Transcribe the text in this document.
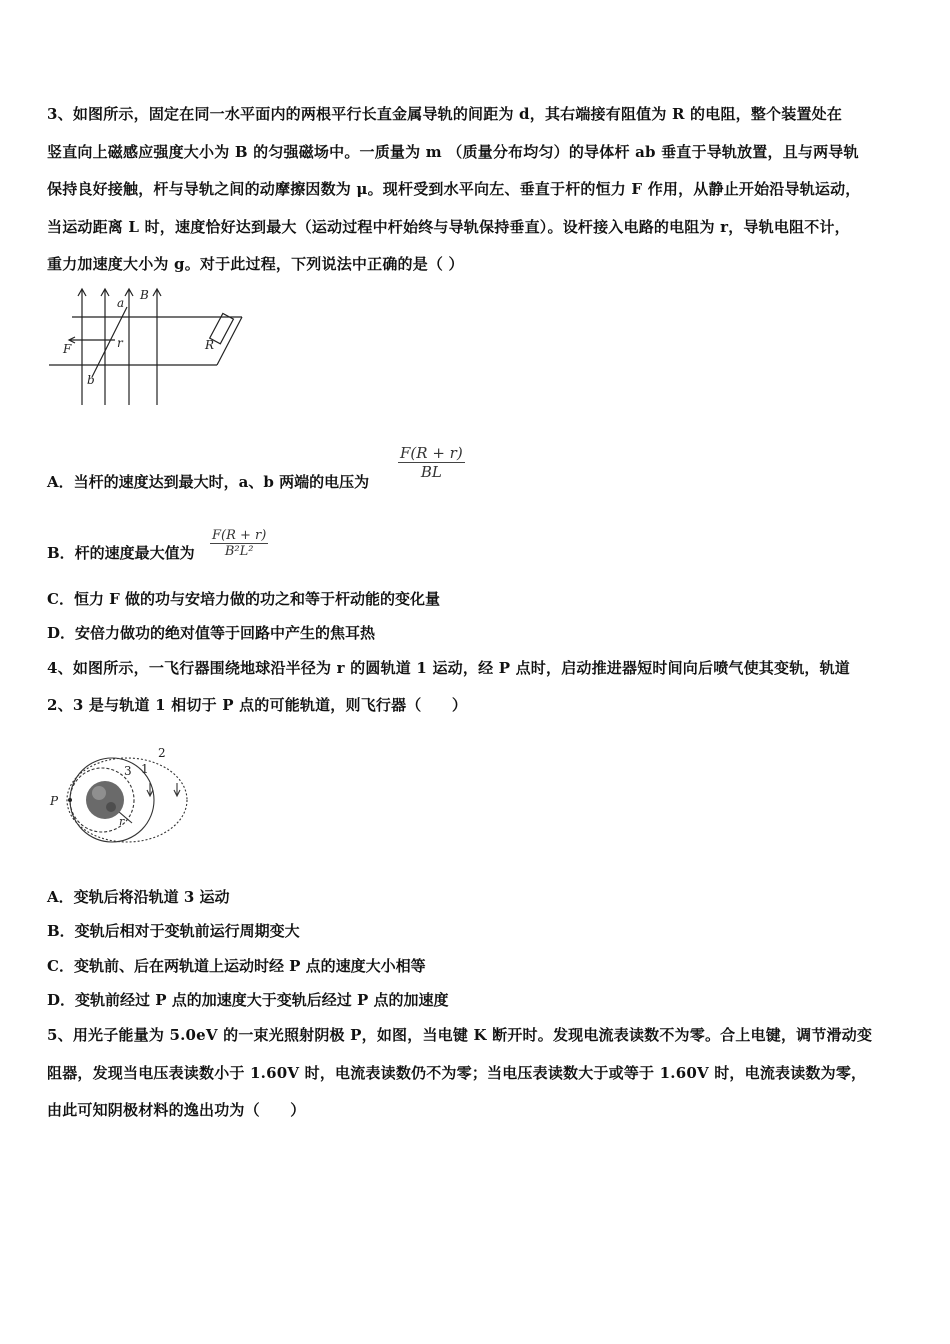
3、如图所示，固定在同一水平面内的两根平行长直金属导轨的间距为 d，其右端接有阻值为 R 的电阻，整个装置处在
竖直向上磁感应强度大小为 B 的匀强磁场中。一质量为 m （质量分布均匀）的导体杆 ab 垂直于导轨放置，且与两导轨
保持良好接触，杆与导轨之间的动摩擦因数为 μ。现杆受到水平向左、垂直于杆的恒力 F 作用，从静止开始沿导轨运动，
当运动距离 L 时，速度恰好达到最大（运动过程中杆始终与导轨保持垂直）。设杆接入电路的电阻为 r，导轨电阻不计，
重力加速度大小为 g。对于此过程，下列说法中正确的是（ ）
a
B
F	r
b
R
A．当杆的速度达到最大时，a、b 两端的电压为
$\frac{F(R + r)}{BL}$
B．杆的速度最大值为 $\frac{F(R + r)}{\text{B²L²}}$
C．恒力 F 做的功与安培力做的功之和等于杆动能的变化量
D．安倍力做功的绝对值等于回路中产生的焦耳热
4、如图所示，一飞行器围绕地球沿半径为 r 的圆轨道 1 运动，经 P 点时，启动推进器短时间向后喷气使其变轨，轨道
2、3 是与轨道 1 相切于 P 点的可能轨道，则飞行器（　　）
P
r
1
2
3
A．变轨后将沿轨道 3 运动
B．变轨后相对于变轨前运行周期变大
C．变轨前、后在两轨道上运动时经 P 点的速度大小相等
D．变轨前经过 P 点的加速度大于变轨后经过 P 点的加速度
5、用光子能量为 5.0eV 的一束光照射阴极 P，如图，当电键 K 断开时。发现电流表读数不为零。合上电键，调节滑动变
阻器，发现当电压表读数小于 1.60V 时，电流表读数仍不为零；当电压表读数大于或等于 1.60V 时，电流表读数为零，
由此可知阴极材料的逸出功为（　　）
